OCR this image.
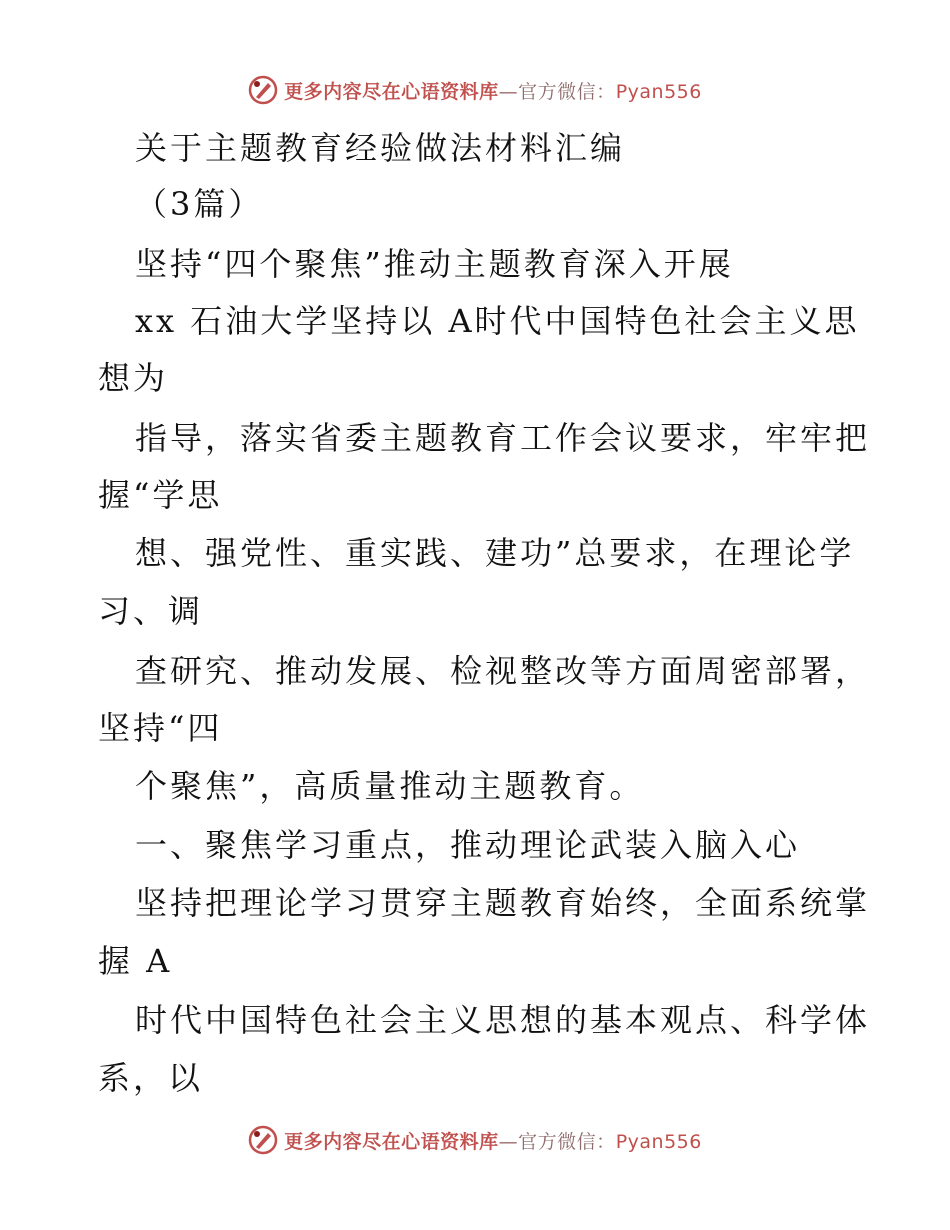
更多内容尽在心语资料库—官方微信：Pyan556
关于主题教育经验做法材料汇编
（3篇）
坚持“四个聚焦”推动主题教育深入开展
xx 石油大学坚持以 A时代中国特色社会主义思
想为
指导，落实省委主题教育工作会议要求，牢牢把
握“学思
想、强党性、重实践、建功”总要求，在理论学
习、调
查研究、推动发展、检视整改等方面周密部署，
坚持“四
个聚焦”，高质量推动主题教育。
一、聚焦学习重点，推动理论武装入脑入心
坚持把理论学习贯穿主题教育始终，全面系统掌
握 A
时代中国特色社会主义思想的基本观点、科学体
系，以
更多内容尽在心语资料库—官方微信：Pyan556
